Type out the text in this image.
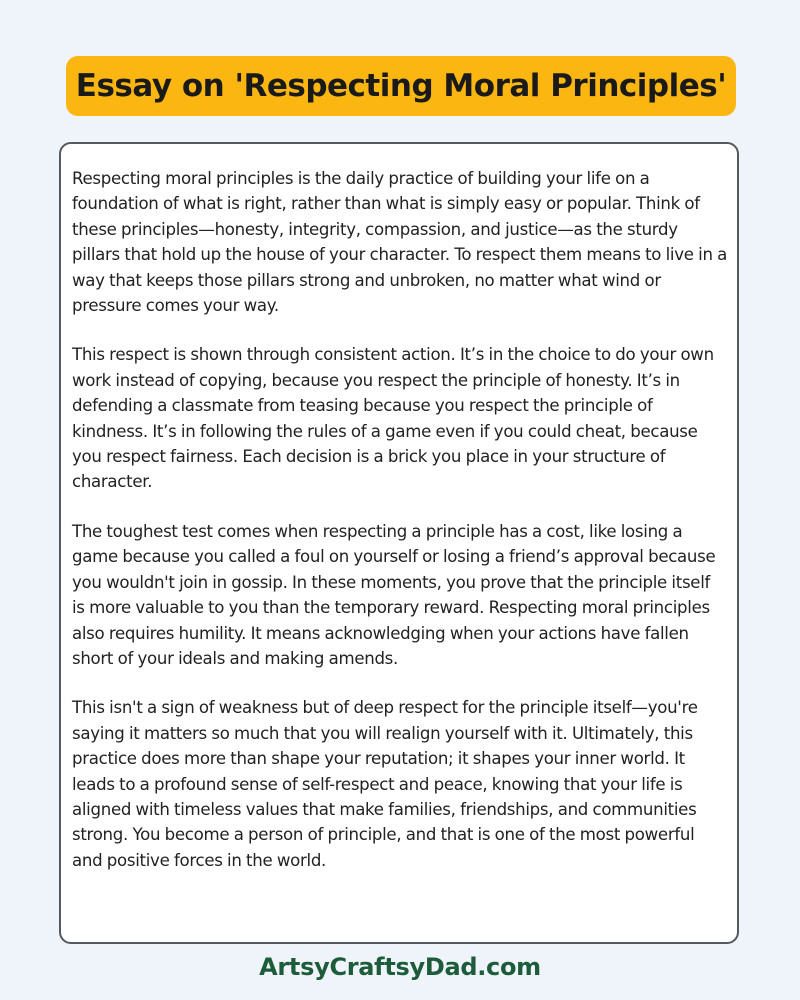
Essay on 'Respecting Moral Principles'

Respecting moral principles is the daily practice of building your life on a foundation of what is right, rather than what is simply easy or popular. Think of these principles—honesty, integrity, compassion, and justice—as the sturdy pillars that hold up the house of your character. To respect them means to live in a way that keeps those pillars strong and unbroken, no matter what wind or pressure comes your way.

This respect is shown through consistent action. It’s in the choice to do your own work instead of copying, because you respect the principle of honesty. It’s in defending a classmate from teasing because you respect the principle of kindness. It’s in following the rules of a game even if you could cheat, because you respect fairness. Each decision is a brick you place in your structure of character.

The toughest test comes when respecting a principle has a cost, like losing a game because you called a foul on yourself or losing a friend’s approval because you wouldn't join in gossip. In these moments, you prove that the principle itself is more valuable to you than the temporary reward. Respecting moral principles also requires humility. It means acknowledging when your actions have fallen short of your ideals and making amends.

This isn't a sign of weakness but of deep respect for the principle itself—you're saying it matters so much that you will realign yourself with it. Ultimately, this practice does more than shape your reputation; it shapes your inner world. It leads to a profound sense of self-respect and peace, knowing that your life is aligned with timeless values that make families, friendships, and communities strong. You become a person of principle, and that is one of the most powerful and positive forces in the world.

ArtsyCraftsyDad.com
